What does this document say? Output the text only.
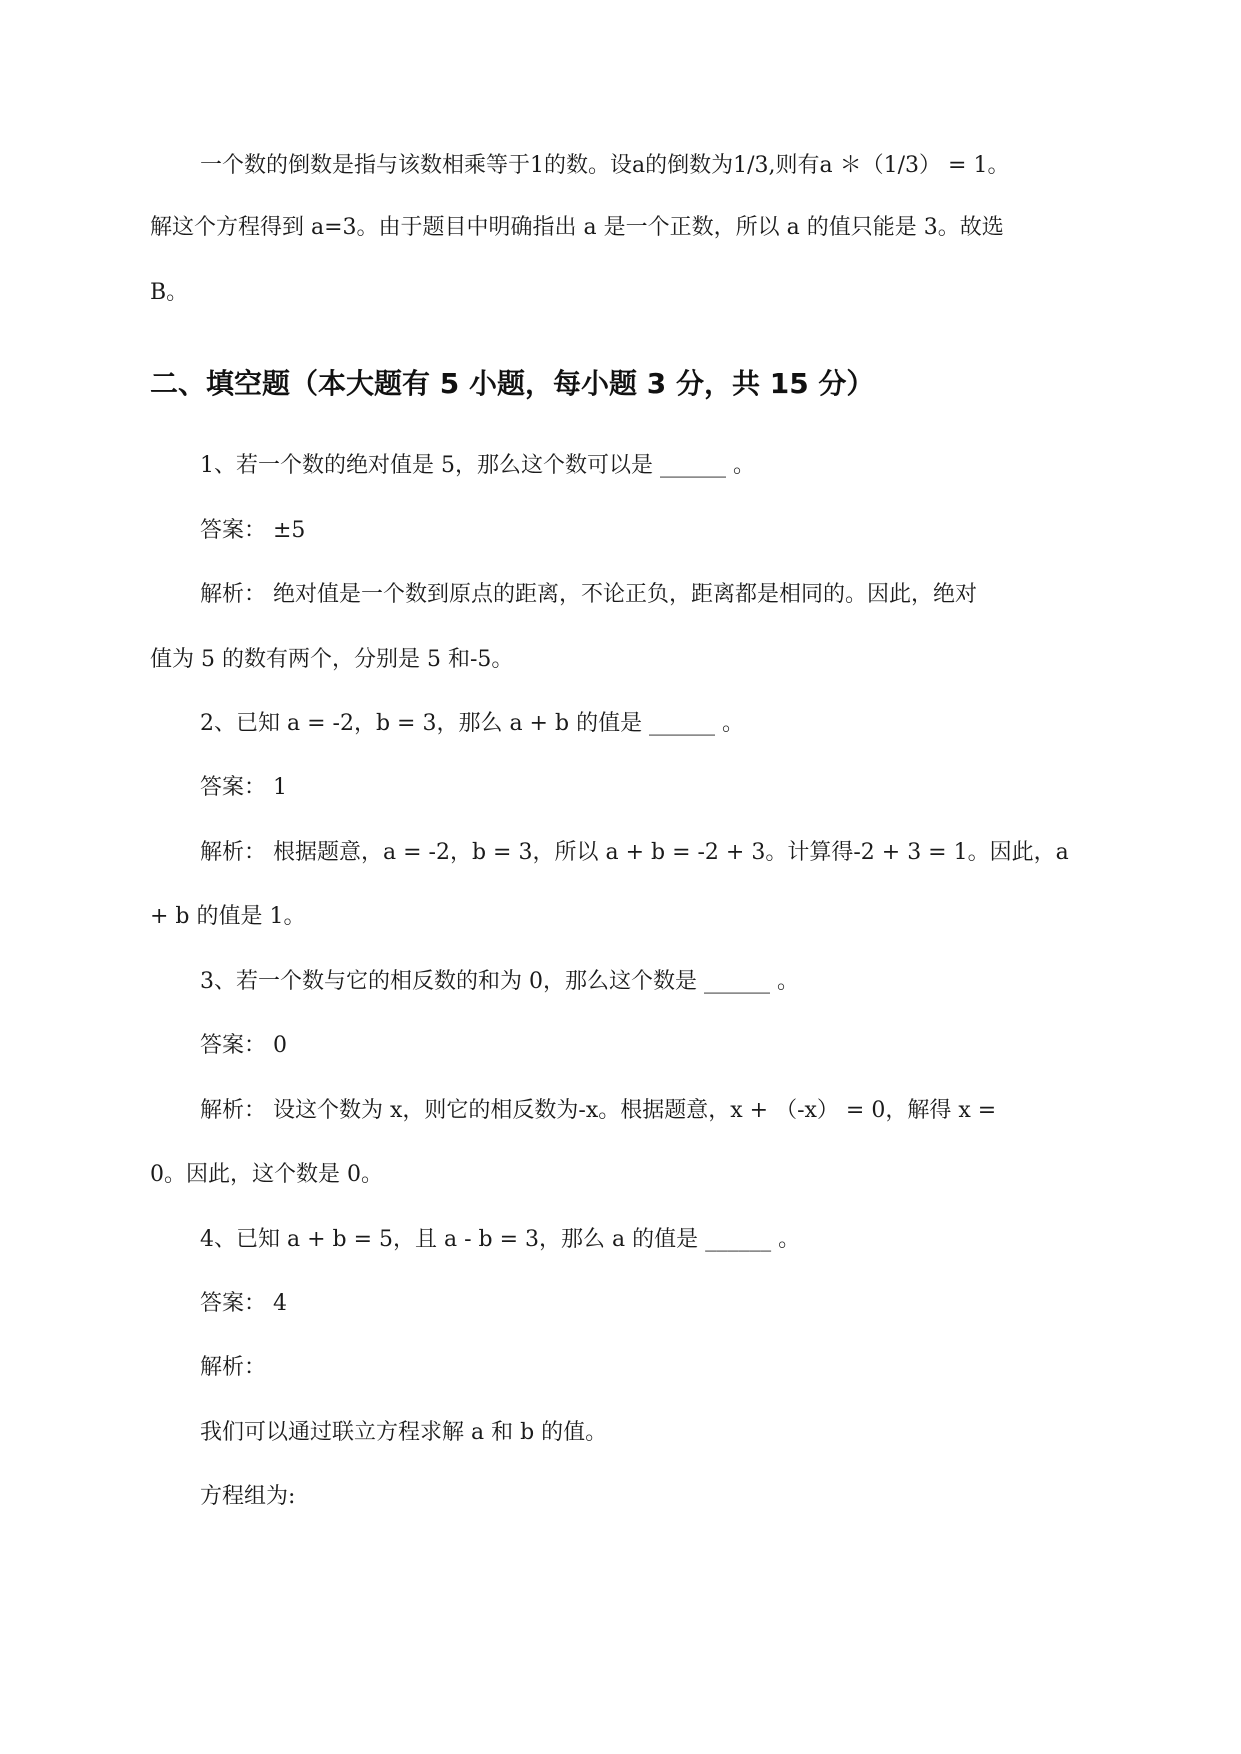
一个数的倒数是指与该数相乘等于1的数。设a的倒数为1/3,则有a ＊（1/3） = 1。
解这个方程得到 a=3。由于题目中明确指出 a 是一个正数，所以 a 的值只能是 3。故选
B。
二、填空题（本大题有 5 小题，每小题 3 分，共 15 分）
1、若一个数的绝对值是 5，那么这个数可以是 ______ 。
答案： ±5
解析： 绝对值是一个数到原点的距离，不论正负，距离都是相同的。因此，绝对
值为 5 的数有两个，分别是 5 和-5。
2、已知 a = -2，b = 3，那么 a + b 的值是 ______ 。
答案： 1
解析： 根据题意，a = -2，b = 3，所以 a + b = -2 + 3。计算得-2 + 3 = 1。因此，a
+ b 的值是 1。
3、若一个数与它的相反数的和为 0，那么这个数是 ______ 。
答案： 0
解析： 设这个数为 x，则它的相反数为-x。根据题意，x + （-x） = 0，解得 x =
0。因此，这个数是 0。
4、已知 a + b = 5，且 a - b = 3，那么 a 的值是 ______ 。
答案： 4
解析：
我们可以通过联立方程求解 a 和 b 的值。
方程组为:
